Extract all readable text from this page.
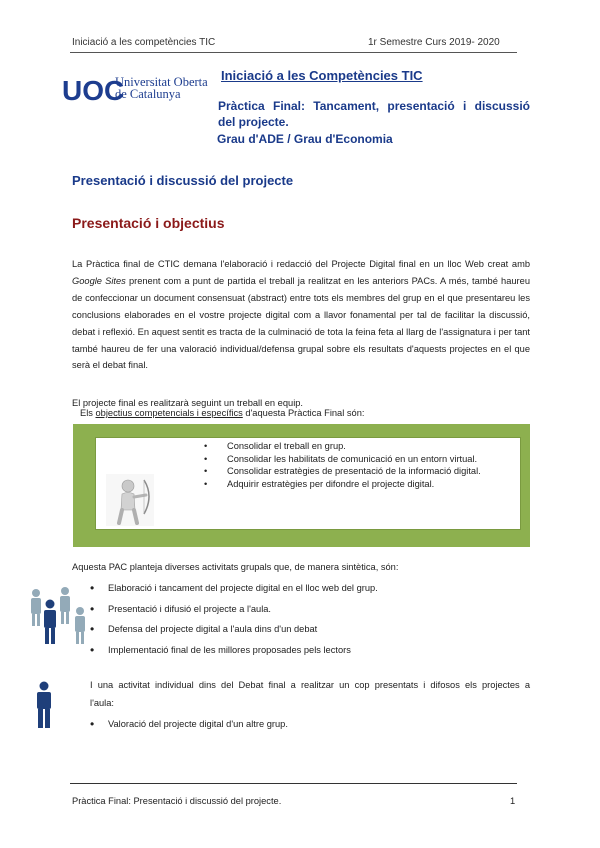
Iniciació a les competències TIC	1r Semestre Curs 2019- 2020
UOC
Universitat Oberta
de Catalunya
Iniciació a les Competències TIC
Pràctica Final: Tancament, presentació i discussió
del projecte.
Grau d'ADE / Grau d'Economia
Presentació i discussió del projecte
Presentació i objectius
La Pràctica final de CTIC demana l'elaboració i redacció del Projecte Digital final en un lloc Web creat amb Google Sites prenent com a punt de partida el treball ja realitzat en les anteriors PACs. A més, també haureu de confeccionar un document consensuat (abstract) entre tots els membres del grup en el que presentareu les conclusions elaborades en el vostre projecte digital com a llavor fonamental per tal de facilitar la discussió, debat i reflexió. En aquest sentit es tracta de la culminació de tota la feina feta al llarg de l'assignatura i per tant també haureu de fer una valoració individual/defensa grupal sobre els resultats d'aquests projectes en el que serà el debat final.
El projecte final es realitzarà seguint un treball en equip.
Els objectius competencials i específics d'aquesta Pràctica Final són:
• Consolidar el treball en grup.
• Consolidar les habilitats de comunicació en un entorn virtual.
• Consolidar estratègies de presentació de la informació digital.
• Adquirir estratègies per difondre el projecte digital.
Aquesta PAC planteja diverses activitats grupals que, de manera sintètica, són:
• Elaboració i tancament del projecte digital en el lloc web del grup.
• Presentació i difusió el projecte a l'aula.
• Defensa del projecte digital a l'aula dins d'un debat
• Implementació final de les millores proposades pels lectors
I una activitat individual dins del Debat final a realitzar un cop presentats i difosos els projectes a
l'aula:
• Valoració del projecte digital d'un altre grup.
Pràctica Final: Presentació i discussió del projecte.	1
